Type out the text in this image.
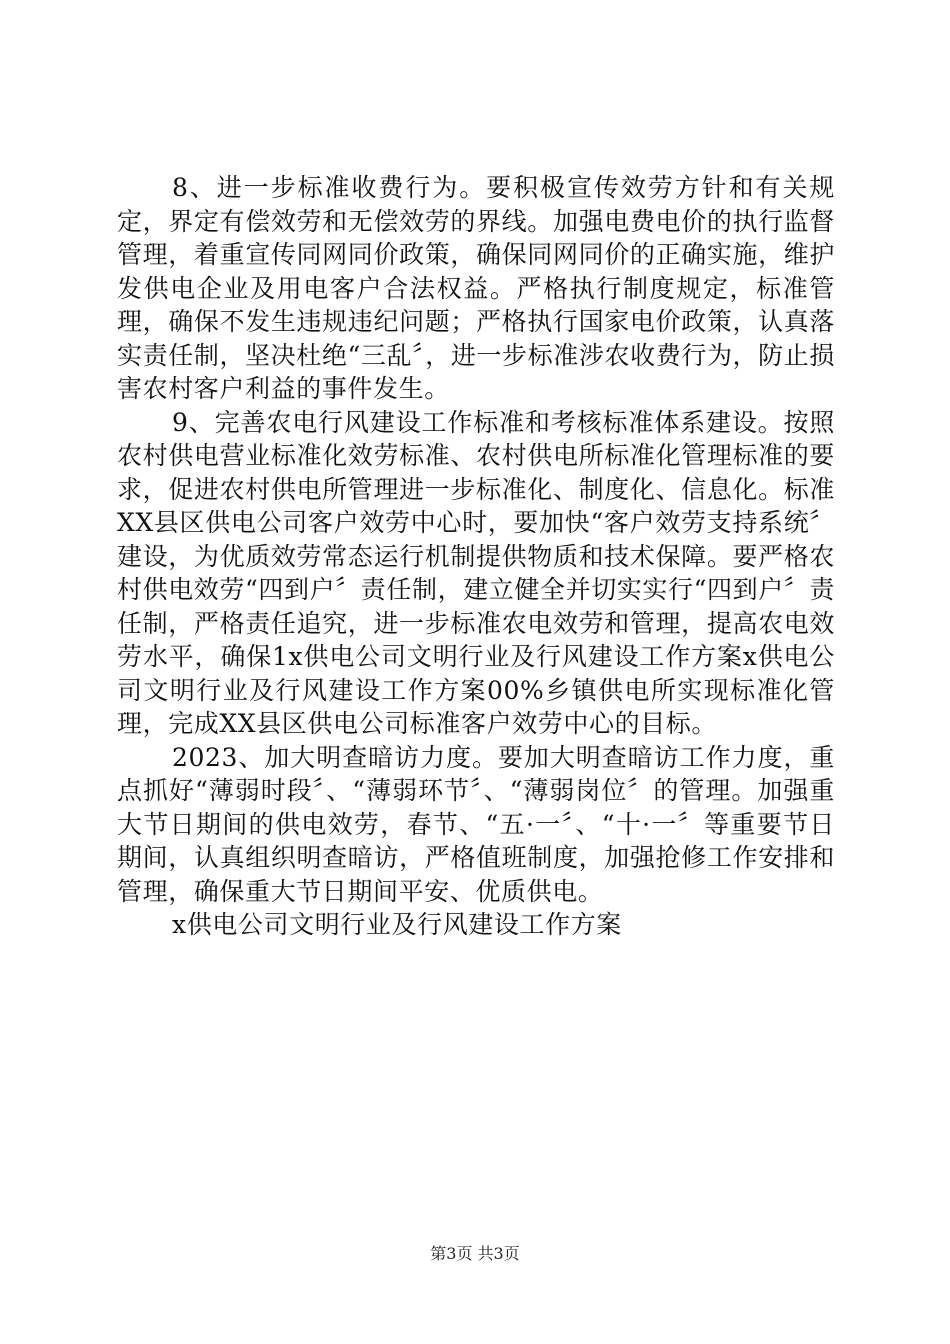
8、进一步标准收费行为。要积极宣传效劳方针和有关规定，界定有偿效劳和无偿效劳的界线。加强电费电价的执行监督管理，着重宣传同网同价政策，确保同网同价的正确实施，维护发供电企业及用电客户合法权益。严格执行制度规定，标准管理，确保不发生违规违纪问题；严格执行国家电价政策，认真落实责任制，坚决杜绝“三乱〞，进一步标准涉农收费行为，防止损害农村客户利益的事件发生。

9、完善农电行风建设工作标准和考核标准体系建设。按照农村供电营业标准化效劳标准、农村供电所标准化管理标准的要求，促进农村供电所管理进一步标准化、制度化、信息化。标准XX县区供电公司客户效劳中心时，要加快“客户效劳支持系统〞建设，为优质效劳常态运行机制提供物质和技术保障。要严格农村供电效劳“四到户〞责任制，建立健全并切实实行“四到户〞责任制，严格责任追究，进一步标准农电效劳和管理，提高农电效劳水平，确保1x供电公司文明行业及行风建设工作方案x供电公司文明行业及行风建设工作方案00%乡镇供电所实现标准化管理，完成XX县区供电公司标准客户效劳中心的目标。

2023、加大明查暗访力度。要加大明查暗访工作力度，重点抓好“薄弱时段〞、“薄弱环节〞、“薄弱岗位〞的管理。加强重大节日期间的供电效劳，春节、“五·一〞、“十·一〞等重要节日期间，认真组织明查暗访，严格值班制度，加强抢修工作安排和管理，确保重大节日期间平安、优质供电。

x供电公司文明行业及行风建设工作方案

第3页 共3页
